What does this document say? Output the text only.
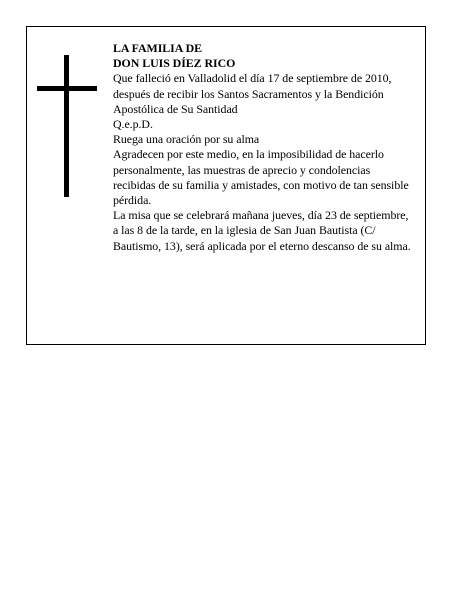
LA FAMILIA DE

DON LUIS DÍEZ RICO

Que falleció en Valladolid el día 17 de septiembre de 2010, después de recibir los Santos Sacramentos y la Bendición Apostólica de Su Santidad

Q.e.p.D.

Ruega una oración por su alma

Agradecen por este medio, en la imposibilidad de hacerlo personalmente, las muestras de aprecio y condolencias recibidas de su familia y amistades, con motivo de tan sensible pérdida.

La misa que se celebrará mañana jueves, día 23 de septiembre, a las 8 de la tarde, en la iglesia de San Juan Bautista (C/ Bautismo, 13), será aplicada por el eterno descanso de su alma.
